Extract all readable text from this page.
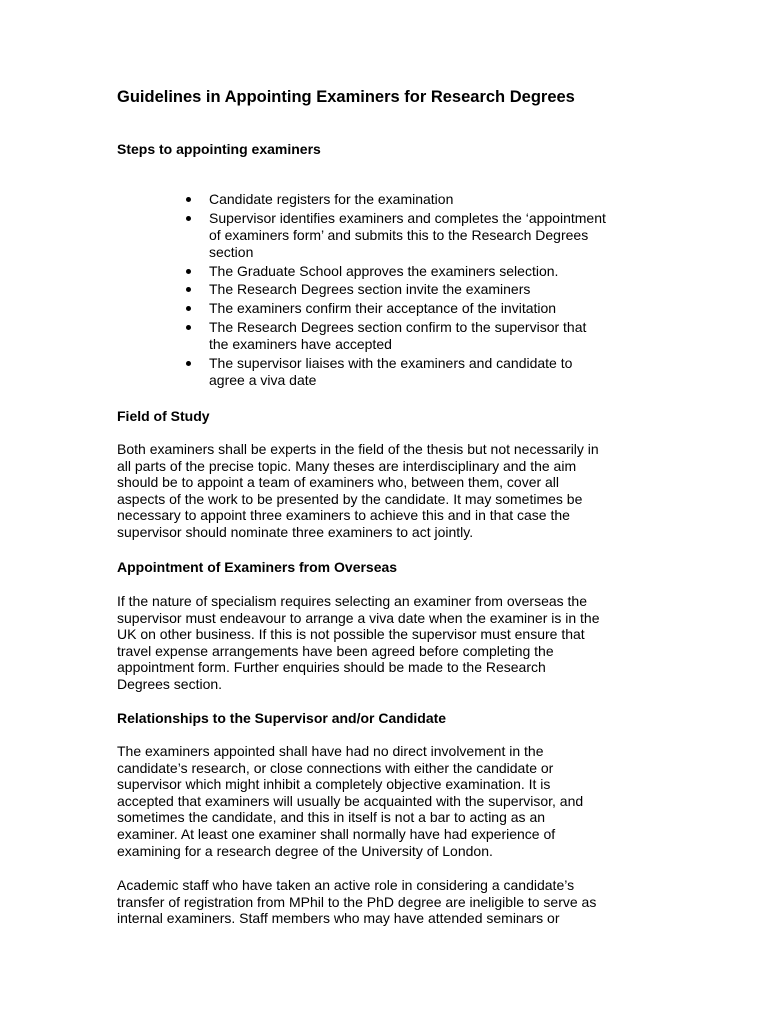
Guidelines in Appointing Examiners for Research Degrees
Steps to appointing examiners
Candidate registers for the examination
Supervisor identifies examiners and completes the ‘appointment
of examiners form’ and submits this to the Research Degrees
section
The Graduate School approves the examiners selection.
The Research Degrees section invite the examiners
The examiners confirm their acceptance of the invitation
The Research Degrees section confirm to the supervisor that
the examiners have accepted
The supervisor liaises with the examiners and candidate to
agree a viva date
Field of Study

Both examiners shall be experts in the field of the thesis but not necessarily in
all parts of the precise topic. Many theses are interdisciplinary and the aim
should be to appoint a team of examiners who, between them, cover all
aspects of the work to be presented by the candidate. It may sometimes be
necessary to appoint three examiners to achieve this and in that case the
supervisor should nominate three examiners to act jointly.

Appointment of Examiners from Overseas

If the nature of specialism requires selecting an examiner from overseas the
supervisor must endeavour to arrange a viva date when the examiner is in the
UK on other business. If this is not possible the supervisor must ensure that
travel expense arrangements have been agreed before completing the
appointment form. Further enquiries should be made to the Research
Degrees section.

Relationships to the Supervisor and/or Candidate

The examiners appointed shall have had no direct involvement in the
candidate’s research, or close connections with either the candidate or
supervisor which might inhibit a completely objective examination. It is
accepted that examiners will usually be acquainted with the supervisor, and
sometimes the candidate, and this in itself is not a bar to acting as an
examiner. At least one examiner shall normally have had experience of
examining for a research degree of the University of London.

Academic staff who have taken an active role in considering a candidate’s
transfer of registration from MPhil to the PhD degree are ineligible to serve as
internal examiners. Staff members who may have attended seminars or
